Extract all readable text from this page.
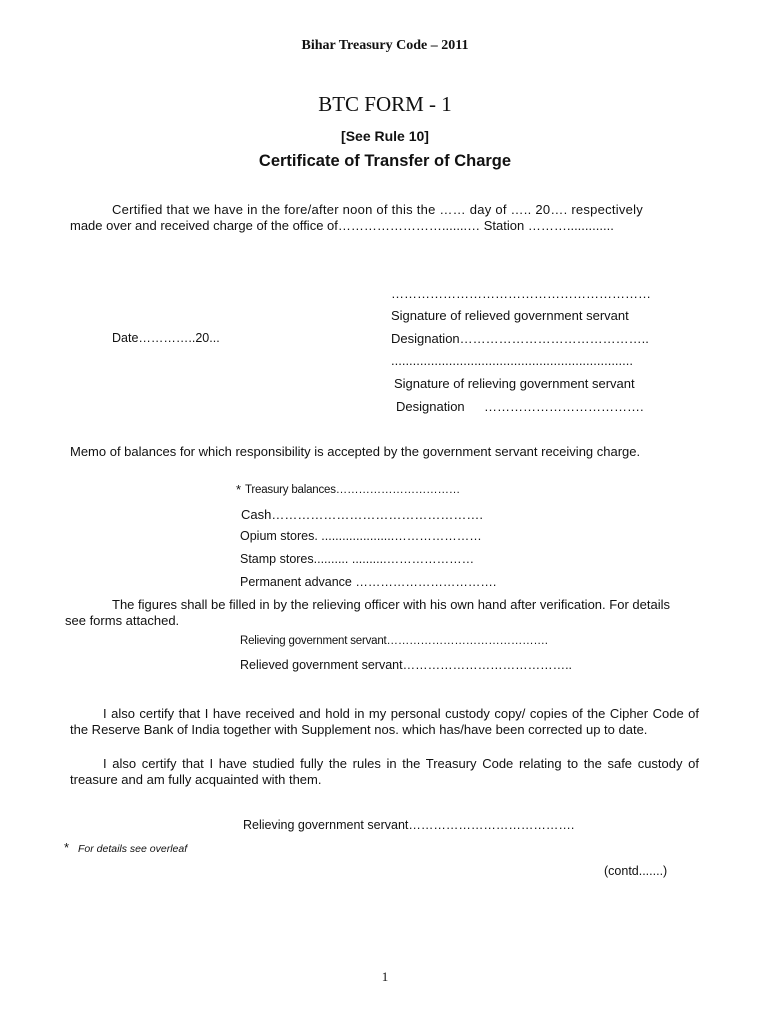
Bihar Treasury Code – 2011
BTC FORM - 1
[See Rule 10]
Certificate of Transfer of Charge
Certified that we have in the fore/after noon of this the …… day of ….. 20…. respectively
made over and received charge of the office of…………………….......… Station ……….............
……………………………………………………
Signature of relieved government servant
Date…………..20...	Designation……………………………………..
...................................................................
Signature of relieving government servant
Designation ……………………………….
Memo of balances for which responsibility is accepted by the government servant receiving charge.
* Treasury balances……………………………
Cash………………………………………….
Opium stores. .....................…………………
Stamp stores.......... ..........…………………
Permanent advance …………………………….
The figures shall be filled in by the relieving officer with his own hand after verification. For details see forms attached.
Relieving government servant…………………………………….
Relieved government servant…………………………………..
I also certify that I have received and hold in my personal custody copy/ copies of the Cipher Code of the Reserve Bank of India together with Supplement nos. which has/have been corrected up to date.
I also certify that I have studied fully the rules in the Treasury Code relating to the safe custody of treasure and am fully acquainted with them.
Relieving government servant………………………………….
* For details see overleaf
(contd.......)
1
